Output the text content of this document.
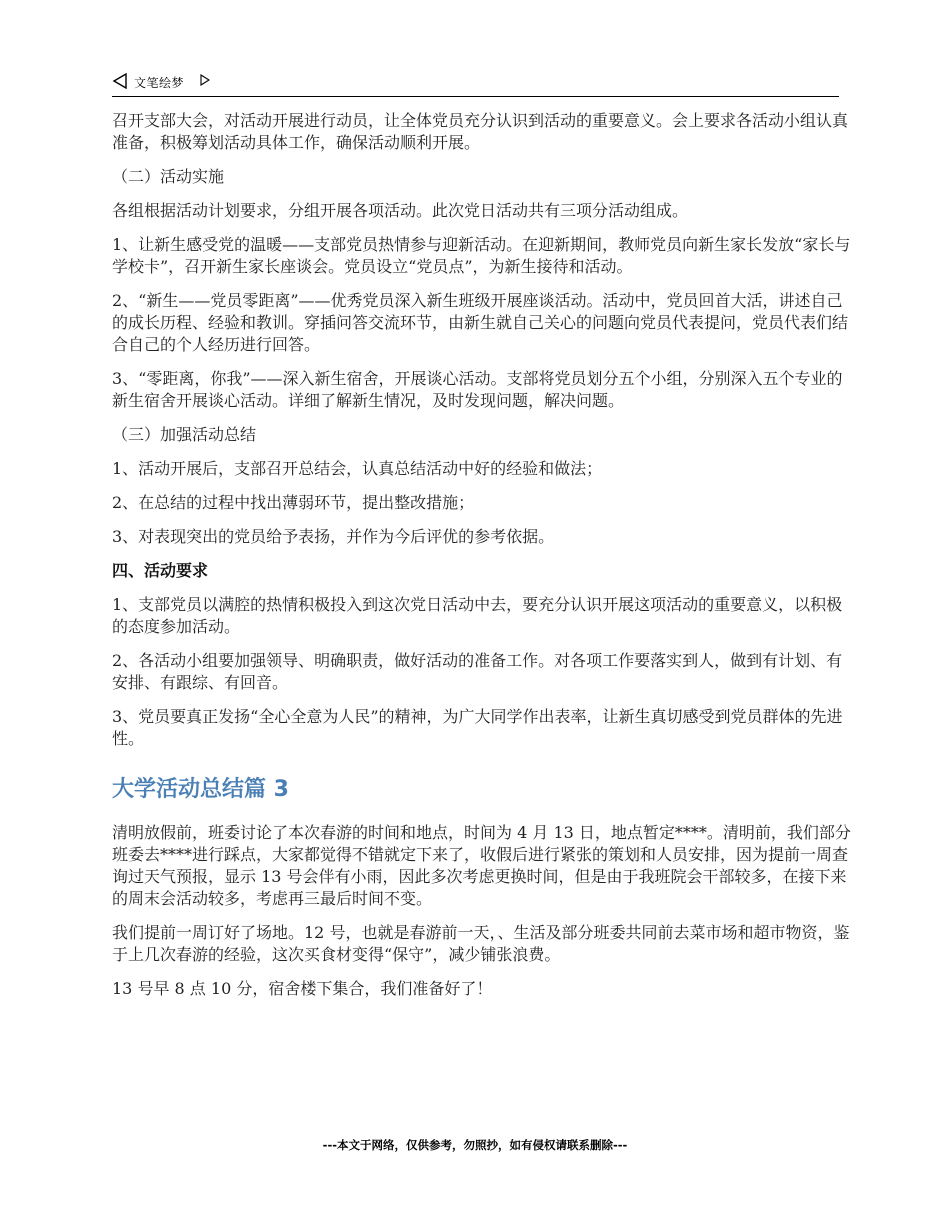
文笔绘梦

召开支部大会，对活动开展进行动员，让全体党员充分认识到活动的重要意义。会上要求各活动小组认真准备，积极筹划活动具体工作，确保活动顺利开展。

（二）活动实施

各组根据活动计划要求，分组开展各项活动。此次党日活动共有三项分活动组成。

1、让新生感受党的温暖——支部党员热情参与迎新活动。在迎新期间，教师党员向新生家长发放“家长与学校卡”，召开新生家长座谈会。党员设立“党员点”，为新生接待和活动。

2、“新生——党员零距离”——优秀党员深入新生班级开展座谈活动。活动中，党员回首大活，讲述自己的成长历程、经验和教训。穿插问答交流环节，由新生就自己关心的问题向党员代表提问，党员代表们结合自己的个人经历进行回答。

3、“零距离，你我”——深入新生宿舍，开展谈心活动。支部将党员划分五个小组，分别深入五个专业的新生宿舍开展谈心活动。详细了解新生情况，及时发现问题，解决问题。

（三）加强活动总结

1、活动开展后，支部召开总结会，认真总结活动中好的经验和做法；

2、在总结的过程中找出薄弱环节，提出整改措施；

3、对表现突出的党员给予表扬，并作为今后评优的参考依据。

四、活动要求

1、支部党员以满腔的热情积极投入到这次党日活动中去，要充分认识开展这项活动的重要意义，以积极的态度参加活动。

2、各活动小组要加强领导、明确职责，做好活动的准备工作。对各项工作要落实到人，做到有计划、有安排、有跟综、有回音。

3、党员要真正发扬“全心全意为人民”的精神，为广大同学作出表率，让新生真切感受到党员群体的先进性。

大学活动总结篇 3

清明放假前，班委讨论了本次春游的时间和地点，时间为 4 月 13 日，地点暂定****。清明前，我们部分班委去****进行踩点，大家都觉得不错就定下来了，收假后进行紧张的策划和人员安排，因为提前一周查询过天气预报，显示 13 号会伴有小雨，因此多次考虑更换时间，但是由于我班院会干部较多，在接下来的周末会活动较多，考虑再三最后时间不变。

我们提前一周订好了场地。12 号，也就是春游前一天，、生活及部分班委共同前去菜市场和超市物资，鉴于上几次春游的经验，这次买食材变得“保守”，减少铺张浪费。

13 号早 8 点 10 分，宿舍楼下集合，我们准备好了！

---本文于网络，仅供参考，勿照抄，如有侵权请联系删除---
